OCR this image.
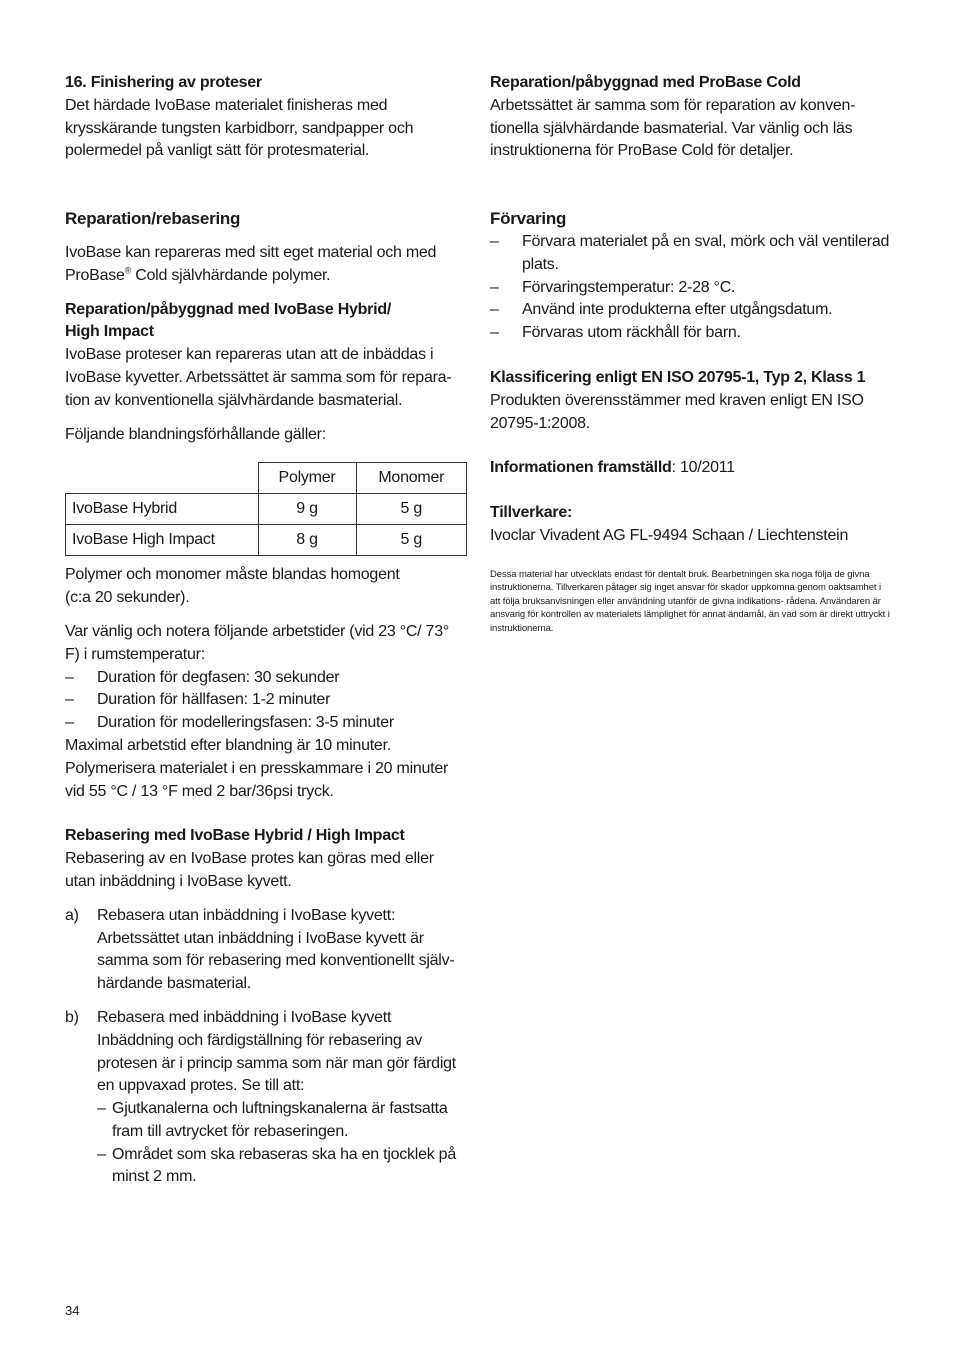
16. Finishering av proteser

Det härdade IvoBase materialet finisheras med krysskärande tungsten karbidborr, sandpapper och polermedel på vanligt sätt för protesmaterial.

Reparation/rebasering

IvoBase kan repareras med sitt eget material och med ProBase® Cold självhärdande polymer.

Reparation/påbyggnad med IvoBase Hybrid/
High Impact

IvoBase proteser kan repareras utan att de inbäddas i IvoBase kyvetter. Arbetssättet är samma som för repara- tion av konventionella självhärdande basmaterial.

Följande blandningsförhållande gäller:

	Polymer	Monomer
IvoBase Hybrid	9 g	5 g
IvoBase High Impact	8 g	5 g

Polymer och monomer måste blandas homogent
(c:a 20 sekunder).

Var vänlig och notera följande arbetstider (vid 23 °C/ 73° F) i rumstemperatur:

– Duration för degfasen: 30 sekunder

– Duration för hällfasen: 1-2 minuter

– Duration för modelleringsfasen: 3-5 minuter

Maximal arbetstid efter blandning är 10 minuter. Polymerisera materialet i en presskammare i 20 minuter vid 55 °C / 13 °F med 2 bar/36psi tryck.

Rebasering med IvoBase Hybrid / High Impact

Rebasering av en IvoBase protes kan göras med eller utan inbäddning i IvoBase kyvett.

a) Rebasera utan inbäddning i IvoBase kyvett:

Arbetssättet utan inbäddning i IvoBase kyvett är samma som för rebasering med konventionellt själv- härdande basmaterial.

b) Rebasera med inbäddning i IvoBase kyvett

Inbäddning och färdigställning för rebasering av protesen är i princip samma som när man gör färdigt en uppvaxad protes. Se till att:

– Gjutkanalerna och luftningskanalerna är fastsatta fram till avtrycket för rebaseringen.

– Området som ska rebaseras ska ha en tjocklek på minst 2 mm.

Reparation/påbyggnad med ProBase Cold

Arbetssättet är samma som för reparation av konven- tionella självhärdande basmaterial. Var vänlig och läs instruktionerna för ProBase Cold för detaljer.

Förvaring

– Förvara materialet på en sval, mörk och väl ventilerad plats.

– Förvaringstemperatur: 2-28 °C.

– Använd inte produkterna efter utgångsdatum.

– Förvaras utom räckhåll för barn.

Klassificering enligt EN ISO 20795-1, Typ 2, Klass 1

Produkten överensstämmer med kraven enligt EN ISO 20795-1:2008.

Informationen framställd: 10/2011

Tillverkare:

Ivoclar Vivadent AG FL-9494 Schaan / Liechtenstein

Dessa material har utvecklats endast för dentalt bruk. Bearbetningen ska noga följa de givna instruktionerna. Tillverkaren påtager sig inget ansvar för skador uppkomna genom oaktsamhet i att följa bruksanvisningen eller användning utanför de givna indikations- rådena. Användaren är ansvarig för kontrollen av materialets lämplighet för annat ändamål, än vad som är direkt uttryckt i instruktionerna.

34
